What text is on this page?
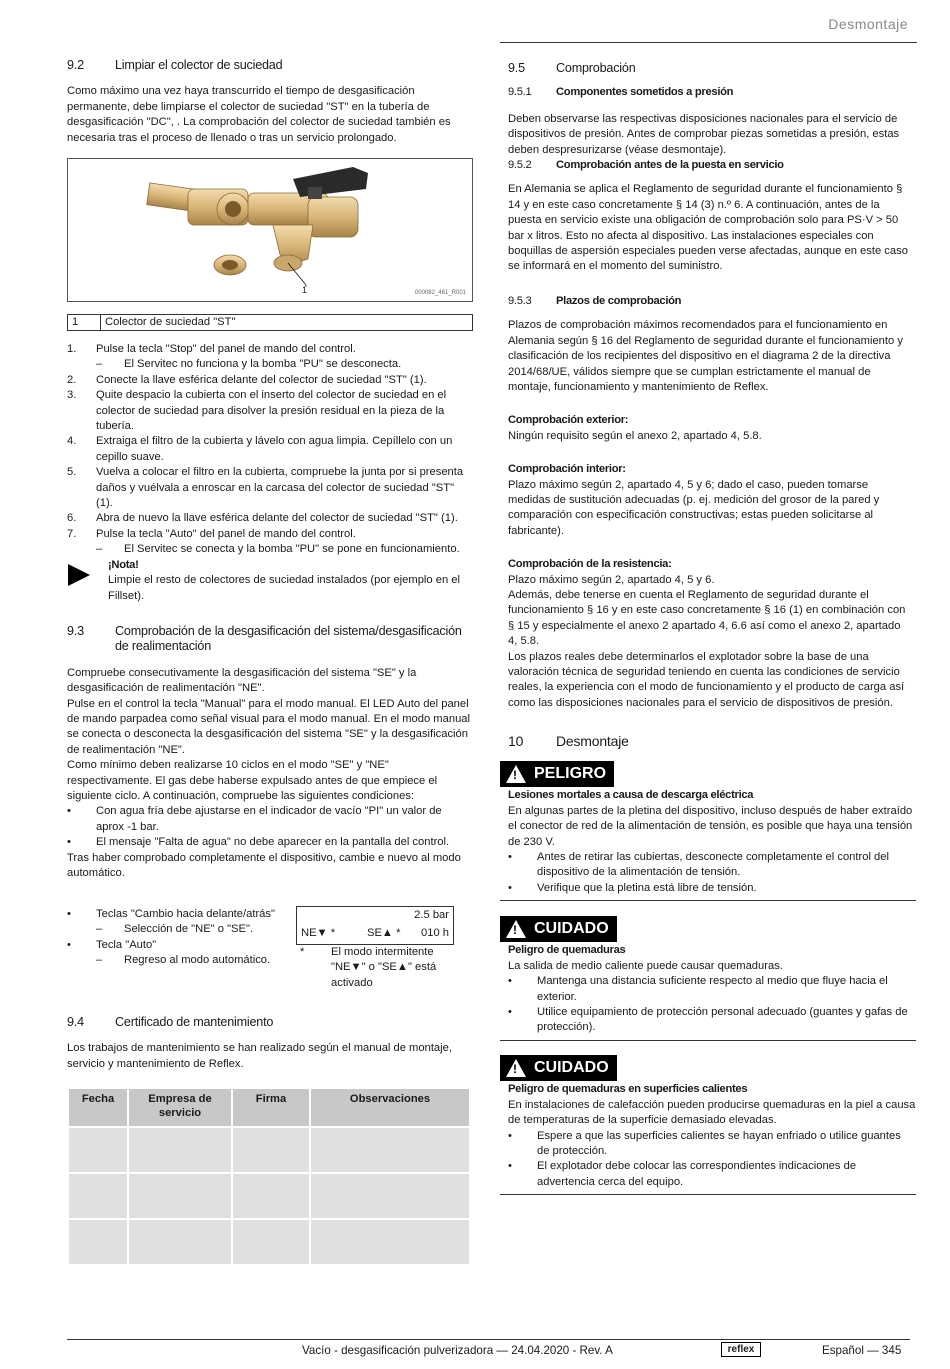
Desmontaje
9.2	Limpiar el colector de suciedad

Como máximo una vez haya transcurrido el tiempo de desgasificación permanente, debe limpiarse el colector de suciedad "ST" en la tubería de desgasificación "DC", . La comprobación del colector de suciedad también es necesaria tras el proceso de llenado o tras un servicio prolongado.

1	000082_461_R001
1	Colector de suciedad "ST"
1.	Pulse la tecla "Stop" del panel de mando del control.
–	El Servitec no funciona y la bomba "PU" se desconecta.
2.	Conecte la llave esférica delante del colector de suciedad "ST" (1).
3.	Quite despacio la cubierta con el inserto del colector de suciedad en el colector de suciedad para disolver la presión residual en la pieza de la tubería.
4.	Extraiga el filtro de la cubierta y lávelo con agua limpia. Cepíllelo con un cepillo suave.
5.	Vuelva a colocar el filtro en la cubierta, compruebe la junta por si presenta daños y vuélvala a enroscar en la carcasa del colector de suciedad "ST" (1).
6.	Abra de nuevo la llave esférica delante del colector de suciedad "ST" (1).
7.	Pulse la tecla "Auto" del panel de mando del control.
–	El Servitec se conecta y la bomba "PU" se pone en funcionamiento.

¡Nota!

Limpie el resto de colectores de suciedad instalados (por ejemplo en el Fillset).

9.3	Comprobación de la desgasificación del sistema/desgasificación
de realimentación

Compruebe consecutivamente la desgasificación del sistema "SE" y la desgasificación de realimentación "NE".

Pulse en el control la tecla "Manual" para el modo manual. El LED Auto del panel de mando parpadea como señal visual para el modo manual. En el modo manual se conecta o desconecta la desgasificación del sistema "SE" y la desgasificación de realimentación "NE".

Como mínimo deben realizarse 10 ciclos en el modo "SE" y "NE" respectivamente. El gas debe haberse expulsado antes de que empiece el siguiente ciclo. A continuación, compruebe las siguientes condiciones:

•	Con agua fría debe ajustarse en el indicador de vacío "PI" un valor de aprox -1 bar.
•	El mensaje "Falta de agua" no debe aparecer en la pantalla del control.

Tras haber comprobado completamente el dispositivo, cambie e nuevo al modo automático.

•	Teclas "Cambio hacia delante/atrás"
–	Selección de "NE" o "SE".
•	Tecla "Auto"
–	Regreso al modo automático.
2.5 bar
NE▼ *	SE▲ * 010 h
*	El modo intermitente "NE▼" o "SE▲" está activado
9.4	Certificado de mantenimiento

Los trabajos de mantenimiento se han realizado según el manual de montaje, servicio y mantenimiento de Reflex.

Fecha	Empresa de servicio	Firma	Observaciones

9.5	Comprobación
9.5.1	Componentes sometidos a presión

Deben observarse las respectivas disposiciones nacionales para el servicio de dispositivos de presión. Antes de comprobar piezas sometidas a presión, estas deben despresurizarse (véase desmontaje).

9.5.2	Comprobación antes de la puesta en servicio

En Alemania se aplica el Reglamento de seguridad durante el funcionamiento § 14 y en este caso concretamente § 14 (3) n.º 6. A continuación, antes de la puesta en servicio existe una obligación de comprobación solo para PS·V > 50 bar x litros. Esto no afecta al dispositivo. Las instalaciones especiales con boquillas de aspersión especiales pueden verse afectadas, aunque en este caso se informará en el momento del suministro.

9.5.3	Plazos de comprobación

Plazos de comprobación máximos recomendados para el funcionamiento en Alemania según § 16 del Reglamento de seguridad durante el funcionamiento y clasificación de los recipientes del dispositivo en el diagrama 2 de la directiva 2014/68/UE, válidos siempre que se cumplan estrictamente el manual de montaje, funcionamiento y mantenimiento de Reflex.

Comprobación exterior:

Ningún requisito según el anexo 2, apartado 4, 5.8.

Comprobación interior:

Plazo máximo según 2, apartado 4, 5 y 6; dado el caso, pueden tomarse medidas de sustitución adecuadas (p. ej. medición del grosor de la pared y comparación con especificación constructivas; estas pueden solicitarse al fabricante).

Comprobación de la resistencia:

Plazo máximo según 2, apartado 4, 5 y 6.

Además, debe tenerse en cuenta el Reglamento de seguridad durante el funcionamiento § 16 y en este caso concretamente § 16 (1) en combinación con § 15 y especialmente el anexo 2 apartado 4, 6.6 así como el anexo 2, apartado 4, 5.8.

Los plazos reales debe determinarlos el explotador sobre la base de una valoración técnica de seguridad teniendo en cuenta las condiciones de servicio reales, la experiencia con el modo de funcionamiento y el producto de carga así como las disposiciones nacionales para el servicio de dispositivos de presión.

10	Desmontaje
! PELIGRO

Lesiones mortales a causa de descarga eléctrica

En algunas partes de la pletina del dispositivo, incluso después de haber extraído el conector de red de la alimentación de tensión, es posible que haya una tensión de 230 V.

•	Antes de retirar las cubiertas, desconecte completamente el control del dispositivo de la alimentación de tensión.
•	Verifique que la pletina está libre de tensión.
! CUIDADO

Peligro de quemaduras

La salida de medio caliente puede causar quemaduras.

•	Mantenga una distancia suficiente respecto al medio que fluye hacia el exterior.
•	Utilice equipamiento de protección personal adecuado (guantes y gafas de protección).
! CUIDADO

Peligro de quemaduras en superficies calientes

En instalaciones de calefacción pueden producirse quemaduras en la piel a causa de temperaturas de la superficie demasiado elevadas.

•	Espere a que las superficies calientes se hayan enfriado o utilice guantes de protección.
•	El explotador debe colocar las correspondientes indicaciones de advertencia cerca del equipo.
Vacío - desgasificación pulverizadora — 24.04.2020 - Rev. A	reflex	Español — 345
